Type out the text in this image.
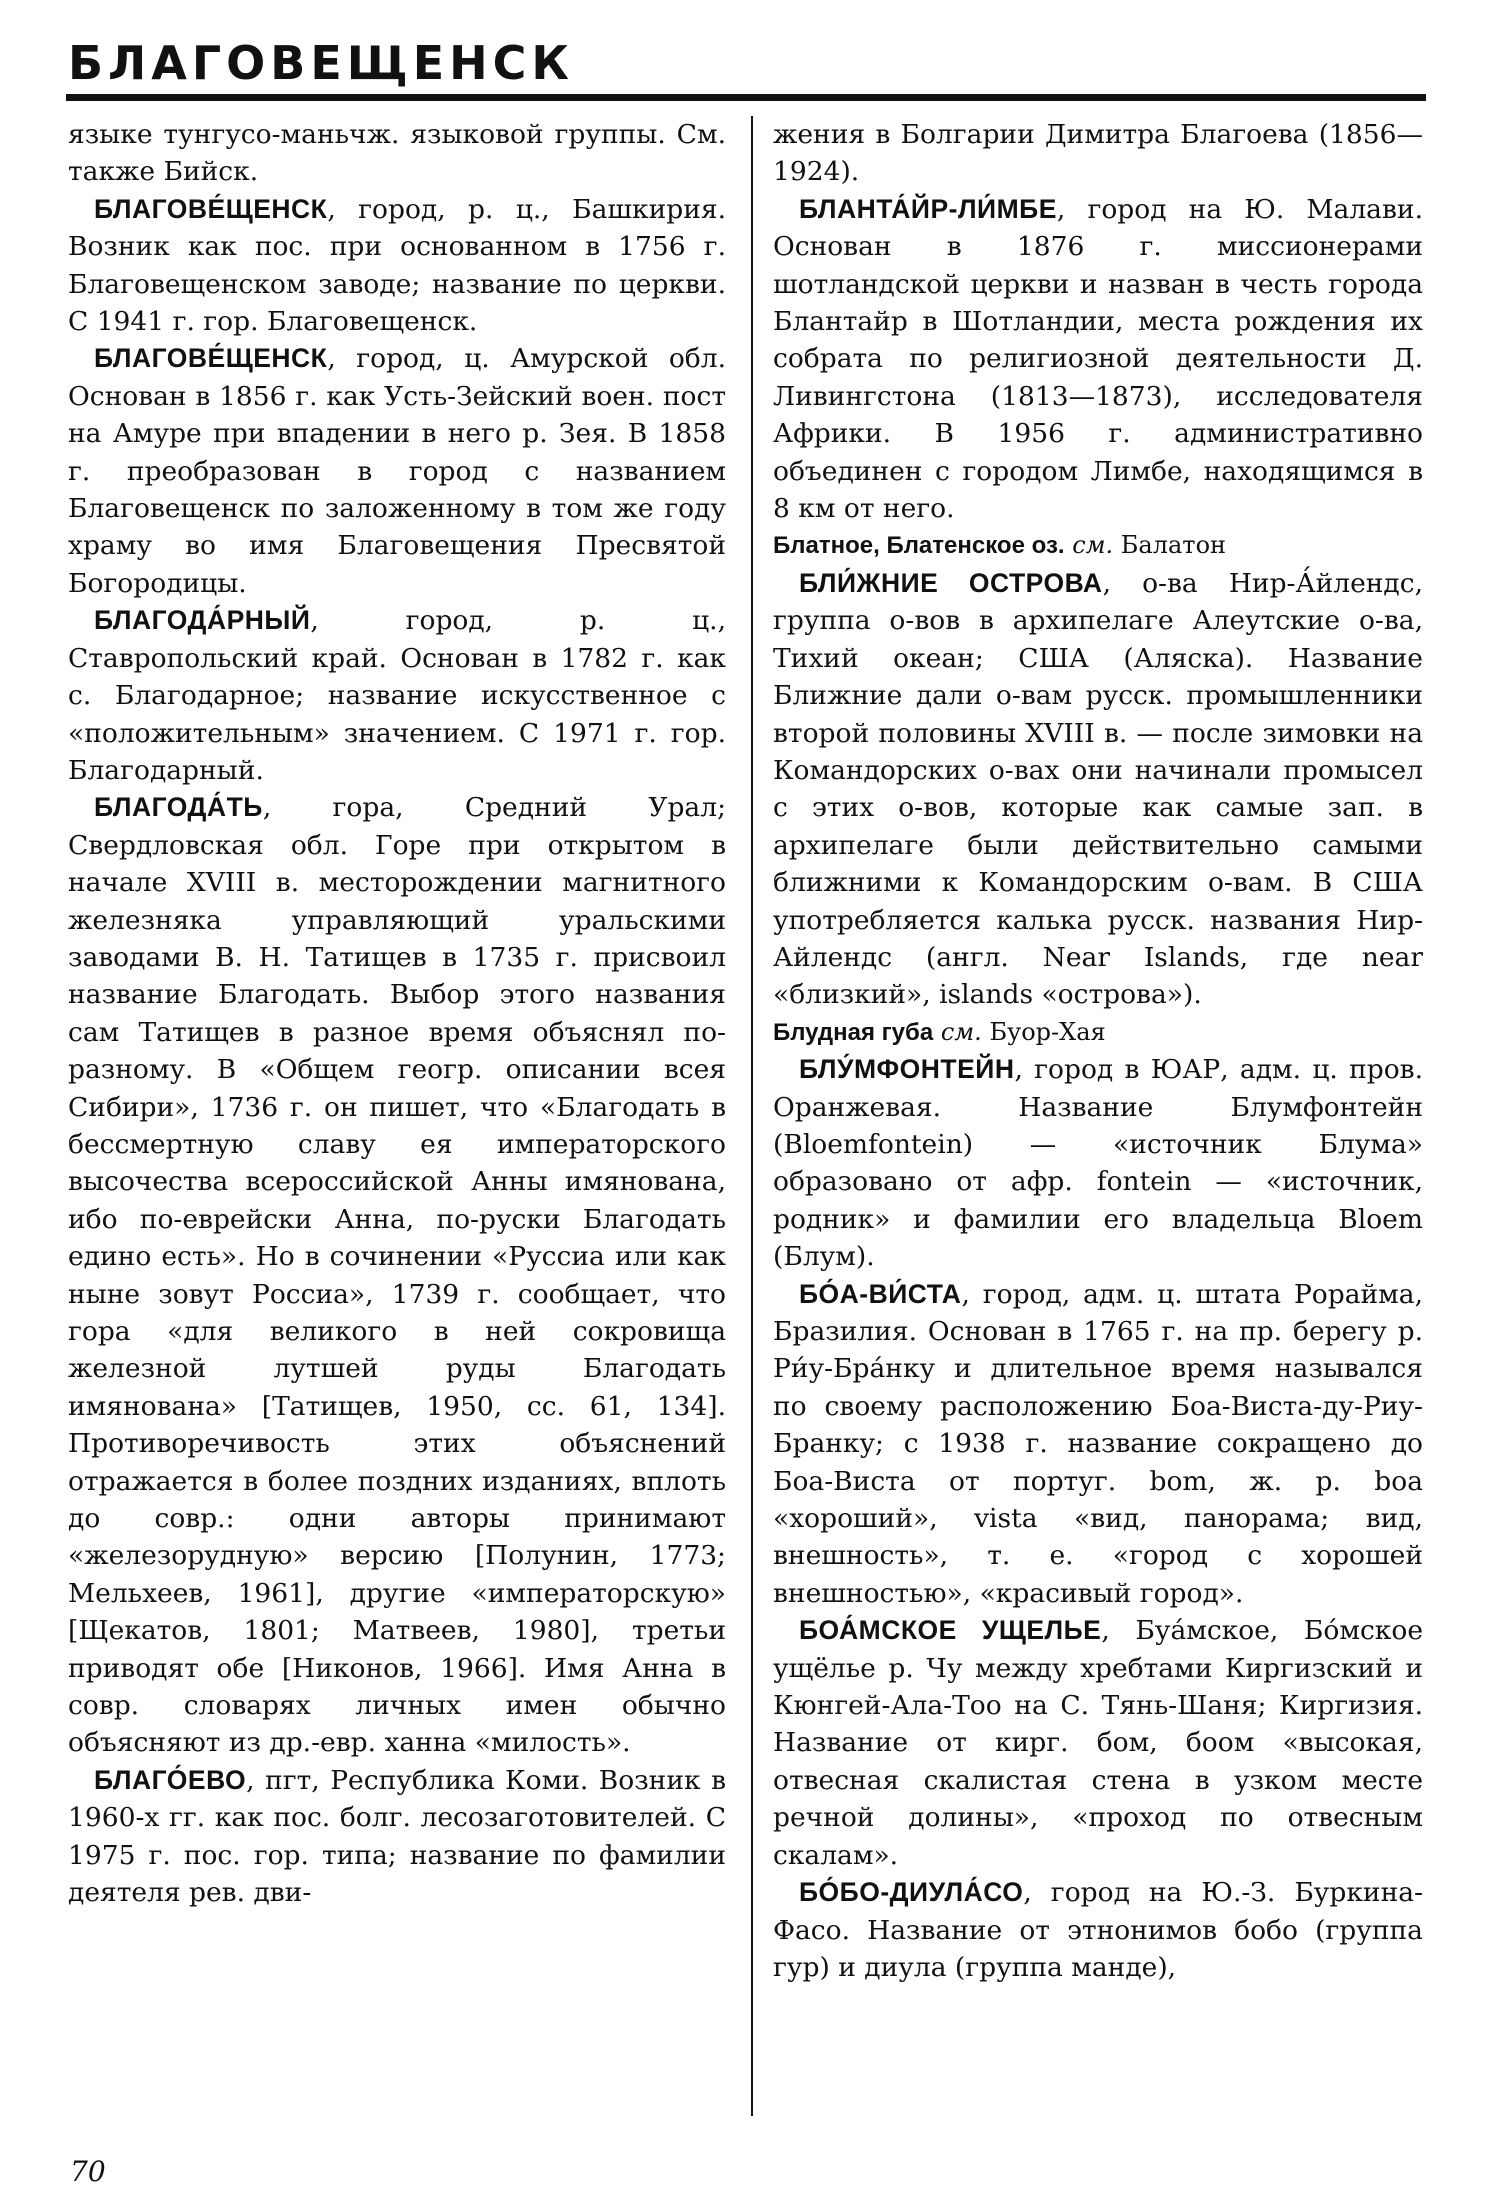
БЛАГОВЕЩЕНСК

языке тунгусо-маньчж. языковой группы. См. также Бийск.

БЛАГОВЕ́ЩЕНСК, город, р. ц., Башкирия. Возник как пос. при основанном в 1756 г. Благовещенском заводе; название по церкви. С 1941 г. гор. Благовещенск.

БЛАГОВЕ́ЩЕНСК, город, ц. Амурской обл. Основан в 1856 г. как Усть-Зейский воен. пост на Амуре при впадении в него р. Зея. В 1858 г. преобразован в город с названием Благовещенск по заложенному в том же году храму во имя Благовещения Пресвятой Богородицы.

БЛАГОДА́РНЫЙ, город, р. ц., Ставропольский край. Основан в 1782 г. как с. Благодарное; название искусственное с «положительным» значением. С 1971 г. гор. Благодарный.

БЛАГОДА́ТЬ, гора, Средний Урал; Свердловская обл. Горе при открытом в начале XVIII в. месторождении магнитного железняка управляющий уральскими заводами В. Н. Татищев в 1735 г. присвоил название Благодать. Выбор этого названия сам Татищев в разное время объяснял по-разному. В «Общем геогр. описании всея Сибири», 1736 г. он пишет, что «Благодать в бессмертную славу ея императорского высочества всероссийской Анны имянована, ибо по-еврейски Анна, по-руски Благодать едино есть». Но в сочинении «Руссиа или как ныне зовут Россиа», 1739 г. сообщает, что гора «для великого в ней сокровища железной лутшей руды Благодать имянована» [Татищев, 1950, сс. 61, 134]. Противоречивость этих объяснений отражается в более поздних изданиях, вплоть до совр.: одни авторы принимают «железорудную» версию [Полунин, 1773; Мельхеев, 1961], другие «императорскую» [Щекатов, 1801; Матвеев, 1980], третьи приводят обе [Никонов, 1966]. Имя Анна в совр. словарях личных имен обычно объясняют из др.-евр. ханна «милость».

БЛАГО́ЕВО, пгт, Республика Коми. Возник в 1960-х гг. как пос. болг. лесозаготовителей. С 1975 г. пос. гор. типа; название по фамилии деятеля рев. дви-

жения в Болгарии Димитра Благоева (1856—1924).

БЛАНТА́ЙР-ЛИ́МБЕ, город на Ю. Малави. Основан в 1876 г. миссионерами шотландской церкви и назван в честь города Блантайр в Шотландии, места рождения их собрата по религиозной деятельности Д. Ливингстона (1813—1873), исследователя Африки. В 1956 г. административно объединен с городом Лимбе, находящимся в 8 км от него.

Блатное, Блатенское оз. см. Балатон

БЛИ́ЖНИЕ ОСТРОВА, о-ва Нир-А́йлендс, группа о-вов в архипелаге Алеутские о-ва, Тихий океан; США (Аляска). Название Ближние дали о-вам русск. промышленники второй половины XVIII в. — после зимовки на Командорских о-вах они начинали промысел с этих о-вов, которые как самые зап. в архипелаге были действительно самыми ближними к Командорским о-вам. В США употребляется калька русск. названия Нир-Айлендс (англ. Near Islands, где near «близкий», islands «острова»).

Блудная губа см. Буор-Хая

БЛУ́МФОНТЕЙН, город в ЮАР, адм. ц. пров. Оранжевая. Название Блумфонтейн (Bloemfontein) — «источник Блума» образовано от афр. fontein — «источник, родник» и фамилии его владельца Bloem (Блум).

БО́А-ВИ́СТА, город, адм. ц. штата Рорайма, Бразилия. Основан в 1765 г. на пр. берегу р. Ри́у-Бра́нку и длительное время назывался по своему расположению Боа-Виста-ду-Риу-Бранку; с 1938 г. название сокращено до Боа-Виста от португ. bom, ж. р. boa «хороший», vista «вид, панорама; вид, внешность», т. е. «город с хорошей внешностью», «красивый город».

БОА́МСКОЕ УЩЕЛЬЕ, Буа́мское, Бо́мское ущёлье р. Чу между хребтами Киргизский и Кюнгей-Ала-Тоо на С. Тянь-Шаня; Киргизия. Название от кирг. бом, боом «высокая, отвесная скалистая стена в узком месте речной долины», «проход по отвесным скалам».

БО́БО-ДИУЛА́СО, город на Ю.-З. Буркина-Фасо. Название от этнонимов бобо (группа гур) и диула (группа манде),

70
